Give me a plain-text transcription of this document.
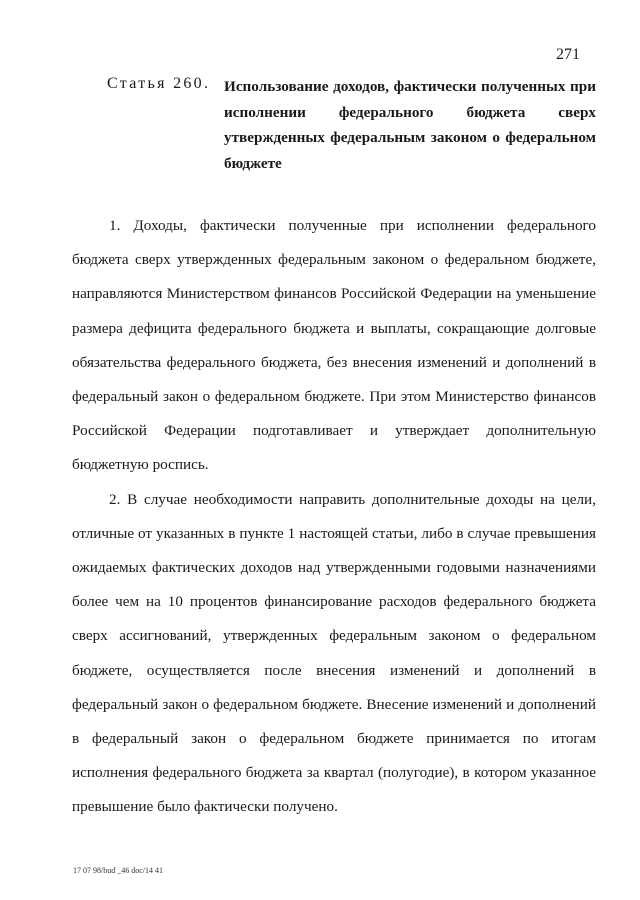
271
Статья 260. Использование доходов, фактически полученных при исполнении федерального бюджета сверх утвержденных федеральным законом о федеральном бюджете

1. Доходы, фактически полученные при исполнении федерального бюджета сверх утвержденных федеральным законом о федеральном бюджете, направляются Министерством финансов Российской Федерации на уменьшение размера дефицита федерального бюджета и выплаты, сокращающие долговые обязательства федерального бюджета, без внесения изменений и дополнений в федеральный закон о федеральном бюджете. При этом Министерство финансов Российской Федерации подготавливает и утверждает дополнительную бюджетную роспись.

2. В случае необходимости направить дополнительные доходы на цели, отличные от указанных в пункте 1 настоящей статьи, либо в случае превышения ожидаемых фактических доходов над утвержденными годовыми назначениями более чем на 10 процентов финансирование расходов федерального бюджета сверх ассигнований, утвержденных федеральным законом о федеральном бюджете, осуществляется после внесения изменений и дополнений в федеральный закон о федеральном бюджете. Внесение изменений и дополнений в федеральный закон о федеральном бюджете принимается по итогам исполнения федерального бюджета за квартал (полугодие), в котором указанное превышение было фактически получено.

17 07 98/bud _46 doc/14 41
